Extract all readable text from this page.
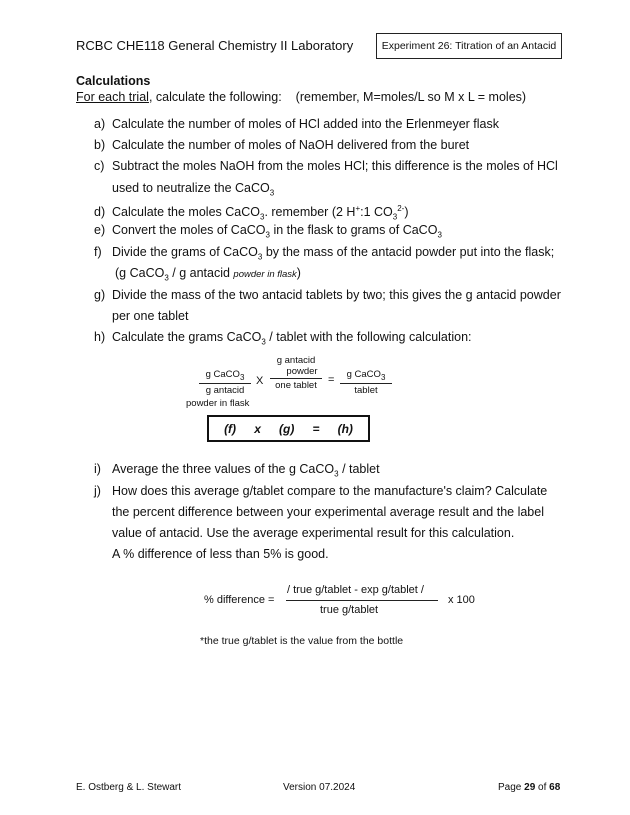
RCBC CHE118 General Chemistry II Laboratory	Experiment 26: Titration of an Antacid
Calculations
For each trial, calculate the following: (remember, M=moles/L so M x L = moles)
a) Calculate the number of moles of HCl added into the Erlenmeyer flask
b) Calculate the number of moles of NaOH delivered from the buret
c) Subtract the moles NaOH from the moles HCl; this difference is the moles of HCl
used to neutralize the CaCO$_3$
d) Calculate the moles CaCO$_3$. remember (2 H+:1 $CO_3^{2-}$)
e) Convert the moles of CaCO$_3$ in the flask to grams of CaCO$_3$
f) Divide the grams of CaCO$_3$ by the mass of the antacid powder put into the flask;
(g CaCO$_3$ / g antacid powder in flask)
g) Divide the mass of the two antacid tablets by two; this gives the g antacid powder
per one tablet
h) Calculate the grams CaCO$_3$ / tablet with the following calculation:
g CaCO$_3$
g antacid
powder in flask
X
g antacid
powder
one tablet	=	g CaCO$_3$
tablet
(f) x (g) = (h)
i) Average the three values of the g CaCO$_3$ / tablet
j) How does this average g/tablet compare to the manufacture's claim? Calculate
the percent difference between your experimental average result and the label
value of antacid. Use the average experimental result for this calculation.
A % difference of less than 5% is good.
% difference =
/ true g/tablet - exp g/tablet /
true g/tablet
x 100
*the true g/tablet is the value from the bottle
E. Ostberg & L. Stewart	Version 07.2024	Page 29 of 68
